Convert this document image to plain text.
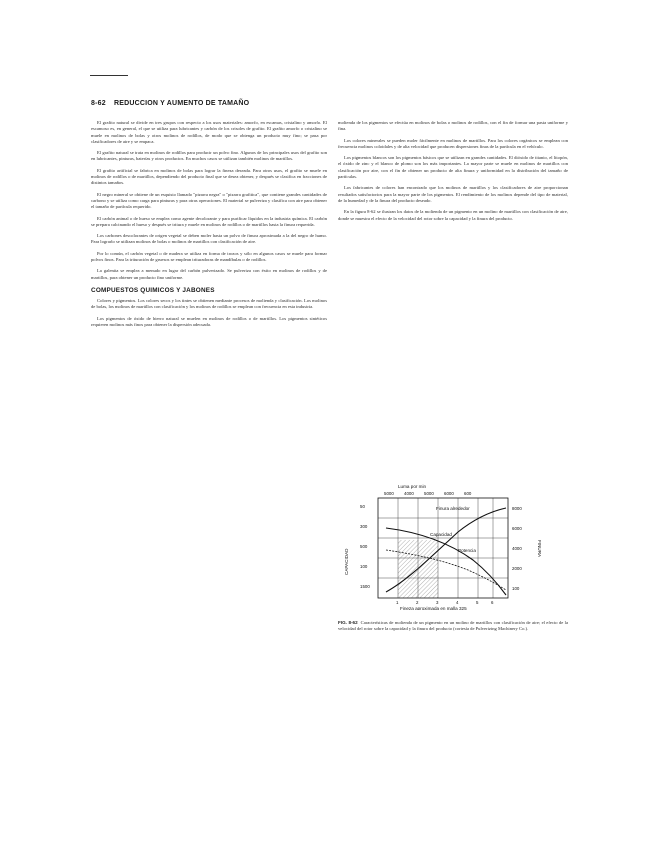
8-62 REDUCCION Y AUMENTO DE TAMAÑO

El grafito natural se divide en tres grupos con respecto a los usos materiales: amorfo, en escamas, cristalino y amorfo. El escamoso es, en general, el que se utiliza para lubricantes y carbón de los crisoles de grafito. El grafito amorfo o cristalino se muele en molinos de bolas y otros molinos de rodillos, de modo que se obtenga un producto muy fino; se pasa por clasificadores de aire y se empaca.

El grafito natural se trata en molinos de rodillos para producir un polvo fino. Algunos de los principales usos del grafito son en lubricantes, pinturas, baterías y otros productos. En muchos casos se utilizan también molinos de martillos.

El grafito artificial se fabrica en molinos de bolas para lograr la fineza deseada. Para otros usos, el grafito se muele en molinos de rodillos o de martillos, dependiendo del producto final que se desea obtener, y después se clasifica en fracciones de distintos tamaños.

El negro mineral se obtiene de un esquisto llamado "pizarra negra" o "pizarra grafitica", que contiene grandes cantidades de carbono y se utiliza como carga para pinturas y para otras operaciones. El material se pulveriza y clasifica con aire para obtener el tamaño de partícula requerido.

El carbón animal o de hueso se emplea como agente decolorante y para purificar líquidos en la industria química. El carbón se prepara calcinando el hueso y después se tritura y muele en molinos de rodillos o de martillos hasta la finura requerida.

Los carbones descolorantes de origen vegetal se deben moler hasta un polvo de finura aproximada a la del negro de humo. Para lograrlo se utilizan molinos de bolas o molinos de martillos con clasificación de aire.

Por lo común, el carbón vegetal o de madera se utiliza en forma de trozos y sólo en algunos casos se muele para formar polvos finos. Para la trituración de gruesos se emplean trituradoras de mandíbulas o de rodillos.

La galenita se emplea a menudo en lugar del carbón pulverizado. Se pulveriza con éxito en molinos de rodillos y de martillos, para obtener un producto fino uniforme.

COMPUESTOS QUIMICOS Y JABONES

Colores y pigmentos. Los colores secos y los tintes se obtienen mediante procesos de molienda y clasificación. Los molinos de bolas, los molinos de martillos con clasificación y los molinos de rodillos se emplean con frecuencia en esta industria.

Los pigmentos de óxido de hierro natural se muelen en molinos de rodillos o de martillos. Los pigmentos sintéticos requieren molinos más finos para obtener la dispersión adecuada.

molienda de los pigmentos se efectúa en molinos de bolas o molinos de rodillos, con el fin de formar una pasta uniforme y fina.

Los colores minerales se pueden moler fácilmente en molinos de martillos. Para los colores orgánicos se emplean con frecuencia molinos coloidales y de alta velocidad que producen dispersiones finas de la partícula en el vehículo.

Los pigmentos blancos son los pigmentos básicos que se utilizan en grandes cantidades. El dióxido de titanio, el litopón, el óxido de zinc y el blanco de plomo son los más importantes. La mayor parte se muele en molinos de martillos con clasificación por aire, con el fin de obtener un producto de alta finura y uniformidad en la distribución del tamaño de partículas.

Los fabricantes de colores han encontrado que los molinos de martillos y los clasificadores de aire proporcionan resultados satisfactorios para la mayor parte de los pigmentos. El rendimiento de los molinos depende del tipo de material, de la humedad y de la finura del producto deseado.

En la figura 8-62 se ilustran los datos de la molienda de un pigmento en un molino de martillos con clasificación de aire, donde se muestra el efecto de la velocidad del rotor sobre la capacidad y la finura del producto.

Luma por min
5000 4000 5000 6000 600
Finura alrededor
Capacidad
Potencia
50
300
500
100
1500
CAPACIDAD
8000
6000
4000
2000
100
FINURA
1	2	3	4	5	6
Fineza aproximada en malla 325
FIG. 8-62 Características de molienda de un pigmento en un molino de martillos con clasificación de aire; el efecto de la velocidad del rotor sobre la capacidad y la finura del producto (cortesía de Pulverizing Machinery Co.).
